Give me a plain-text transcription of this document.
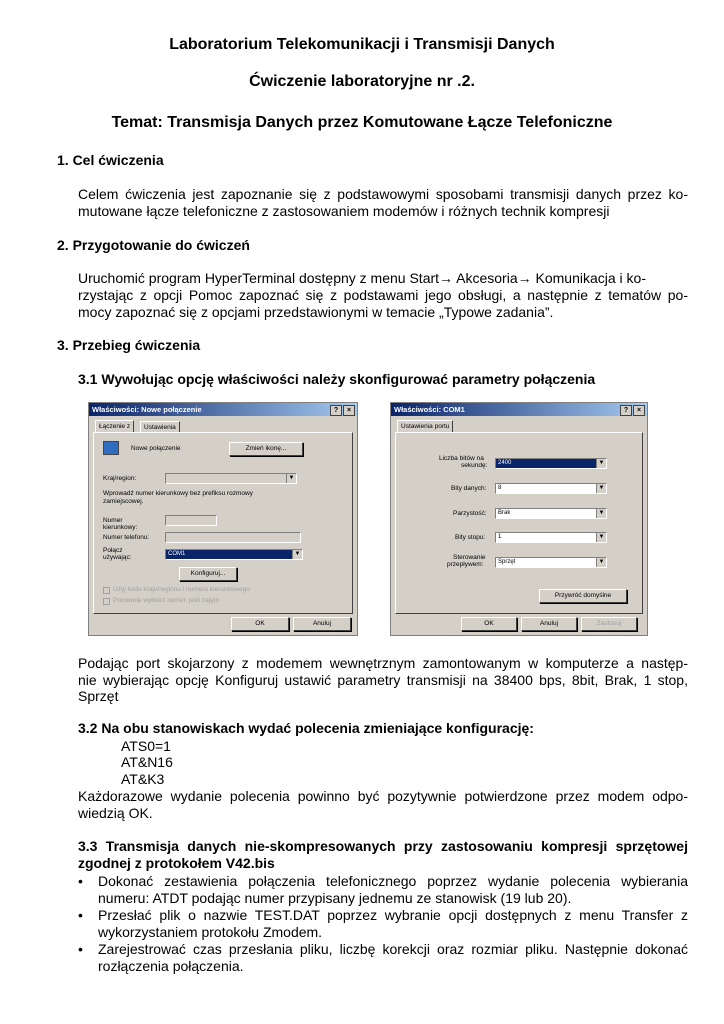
Laboratorium Telekomunikacji i Transmisji Danych

Ćwiczenie laboratoryjne nr .2.

Temat: Transmisja Danych przez Komutowane Łącze Telefoniczne

1. Cel ćwiczenia

Celem ćwiczenia jest zapoznanie się z podstawowymi sposobami transmisji danych przez ko-

mutowane łącze telefoniczne z zastosowaniem modemów i różnych technik kompresji

2. Przygotowanie do ćwiczeń

Uruchomić program HyperTerminal dostępny z menu Start→ Akcesoria→ Komunikacja i ko-
rzystając z opcji Pomoc zapoznać się z podstawami jego obsługi, a następnie z tematów po-

mocy zapoznać się z opcjami przedstawionymi w temacie „Typowe zadania”.

3. Przebieg ćwiczenia

3.1 Wywołując opcję właściwości należy skonfigurować parametry połączenia

Właściwości: Nowe połączenie	?	×
Łączenie z	Ustawienia
Nowe połączenie	Zmień ikonę...
Kraj/region:	▼
Wprowadź numer kierunkowy bez prefiksu rozmowy
zamiejscowej.
Numer
kierunkowy:
Numer telefonu:
Połącz
używając:	COM1	▼
Konfiguruj...
Użyj kodu kraju/regionu i numeru kierunkowego
Ponownie wybierz numer, jeśli zajęto
OK	Anuluj
Właściwości: COM1	?	×
Ustawienia portu
Liczba bitów na
sekundę:	2400	▼
Bity danych:	8	▼
Parzystość:	Brak	▼
Bity stopu:	1	▼
Sterowanie
przepływem:	Sprzęt	▼
Przywróć domyślne
OK	Anuluj	Zastosuj
Podając port skojarzony z modemem wewnętrznym zamontowanym w komputerze a następ-
nie wybierając opcję Konfiguruj ustawić parametry transmisji na 38400 bps, 8bit, Brak, 1 stop,

Sprzęt

3.2 Na obu stanowiskach wydać polecenia zmieniające konfigurację:

ATS0=1

AT&N16

AT&K3

Każdorazowe wydanie polecenia powinno być pozytywnie potwierdzone przez modem odpo-

wiedzią OK.

3.3 Transmisja danych nie-skompresowanych przy zastosowaniu kompresji sprzętowej

zgodnej z protokołem V42.bis

• Dokonać zestawienia połączenia telefonicznego poprzez wydanie polecenia wybierania

numeru: ATDT podając numer przypisany jednemu ze stanowisk (19 lub 20).

• Przesłać plik o nazwie TEST.DAT poprzez wybranie opcji dostępnych z menu Transfer z

wykorzystaniem protokołu Zmodem.

• Zarejestrować czas przesłania pliku, liczbę korekcji oraz rozmiar pliku. Następnie dokonać

rozłączenia połączenia.
